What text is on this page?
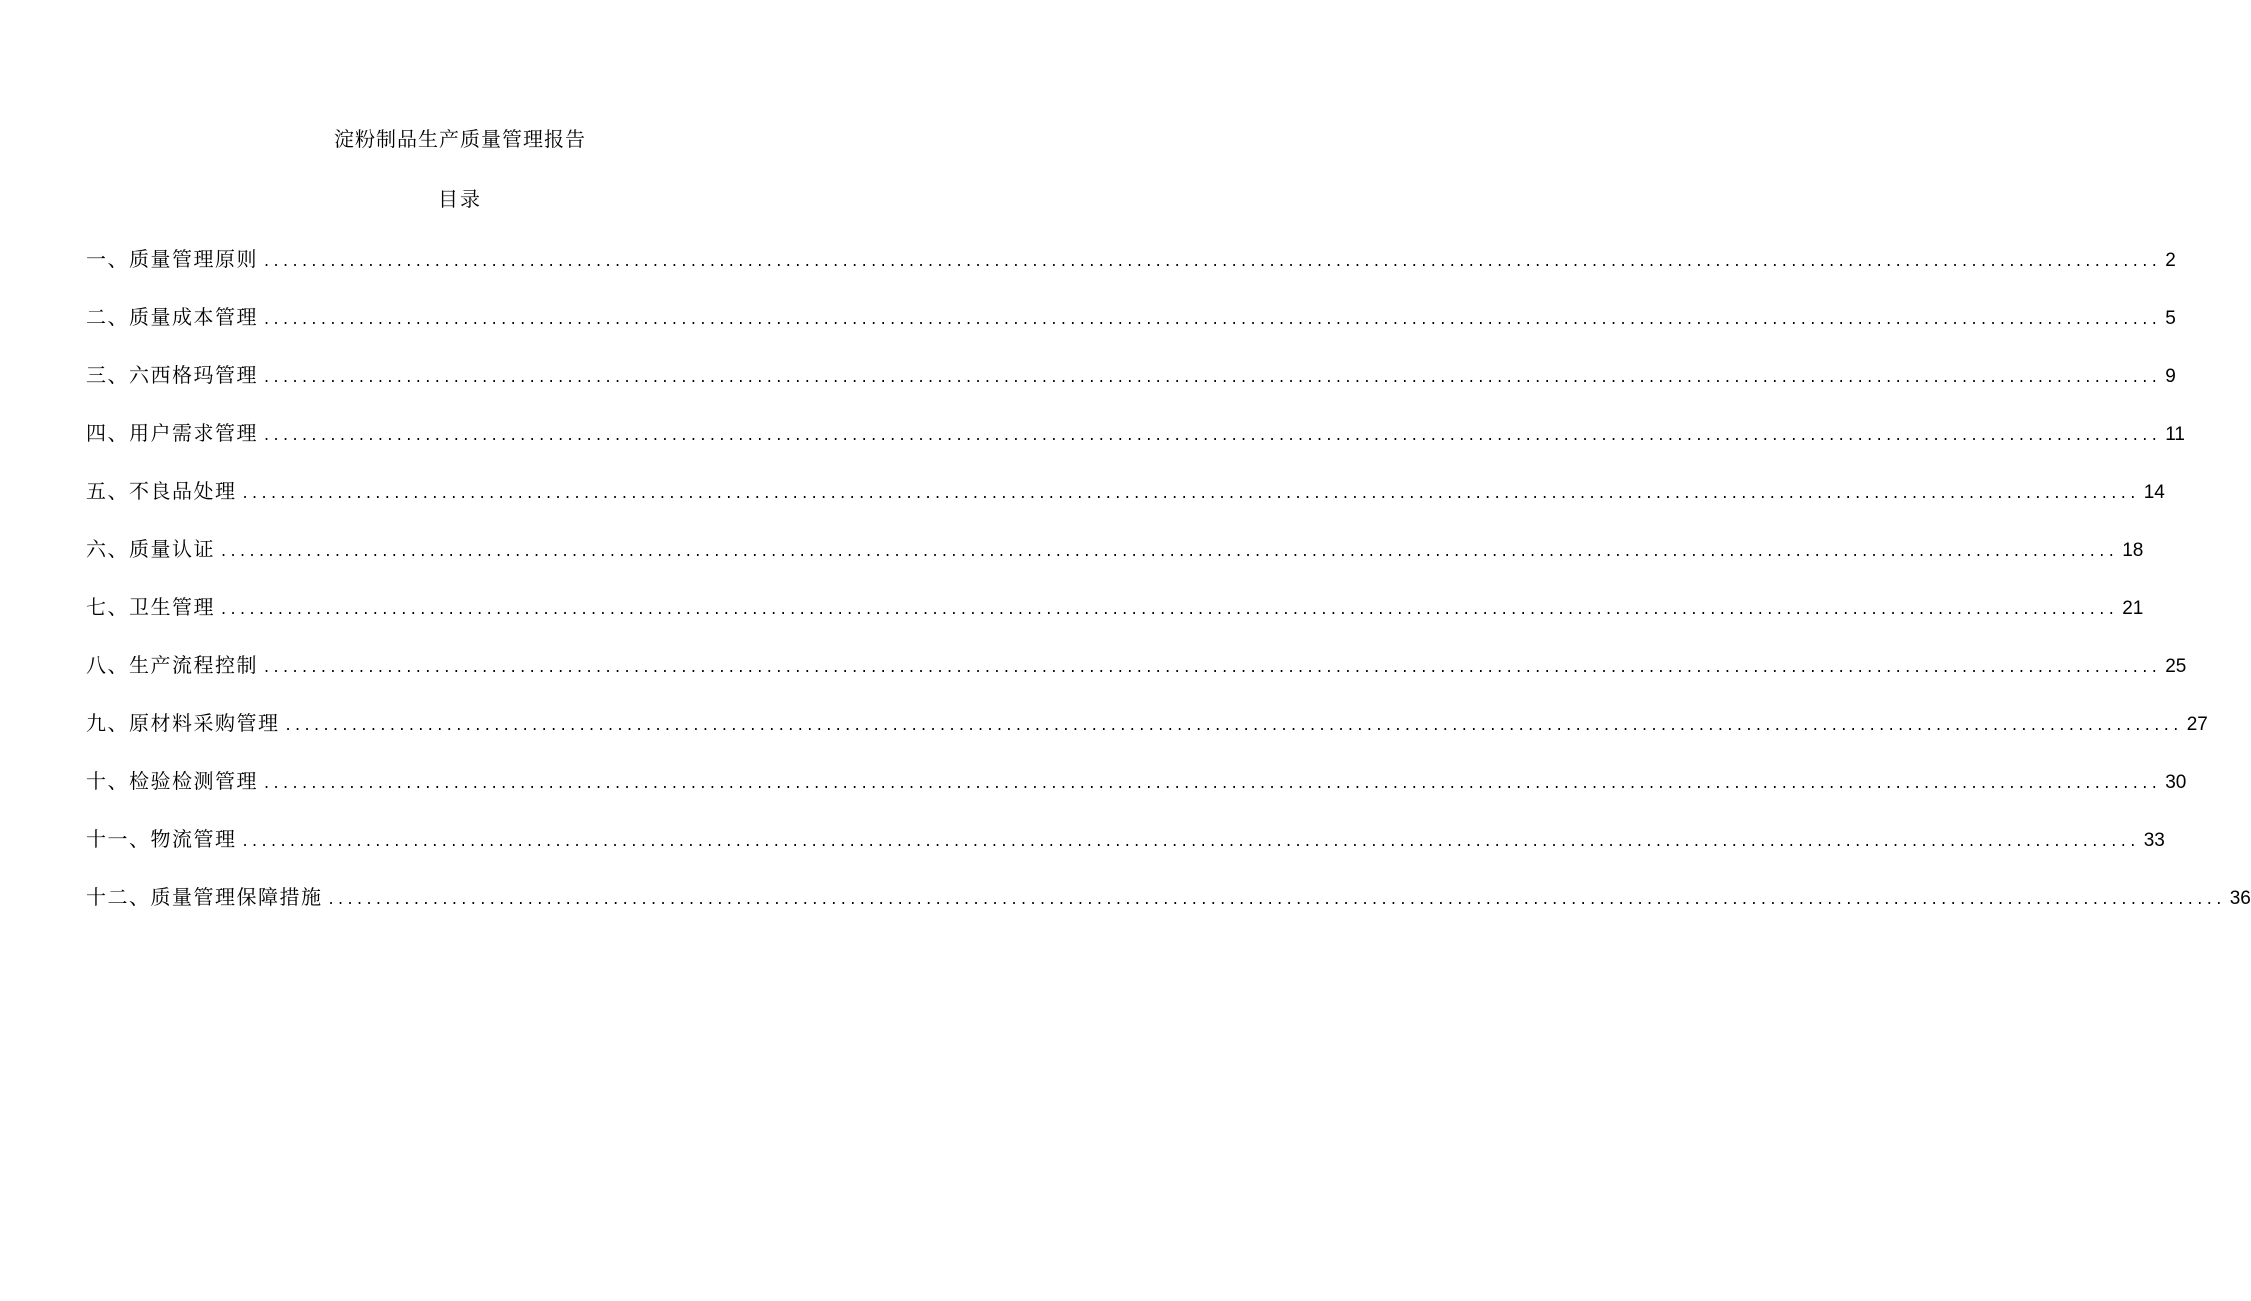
淀粉制品生产质量管理报告
目录
一、质量管理原则 ........................................................................................................................................................................................................ 2
二、质量成本管理 ........................................................................................................................................................................................................ 5
三、六西格玛管理 ........................................................................................................................................................................................................ 9
四、用户需求管理 ........................................................................................................................................................................................................ 11
五、不良品处理 ........................................................................................................................................................................................................ 14
六、质量认证 ........................................................................................................................................................................................................ 18
七、卫生管理 ........................................................................................................................................................................................................ 21
八、生产流程控制 ........................................................................................................................................................................................................ 25
九、原材料采购管理 ........................................................................................................................................................................................................ 27
十、检验检测管理 ........................................................................................................................................................................................................ 30
十一、物流管理 ........................................................................................................................................................................................................ 33
十二、质量管理保障措施 ........................................................................................................................................................................................................ 36
